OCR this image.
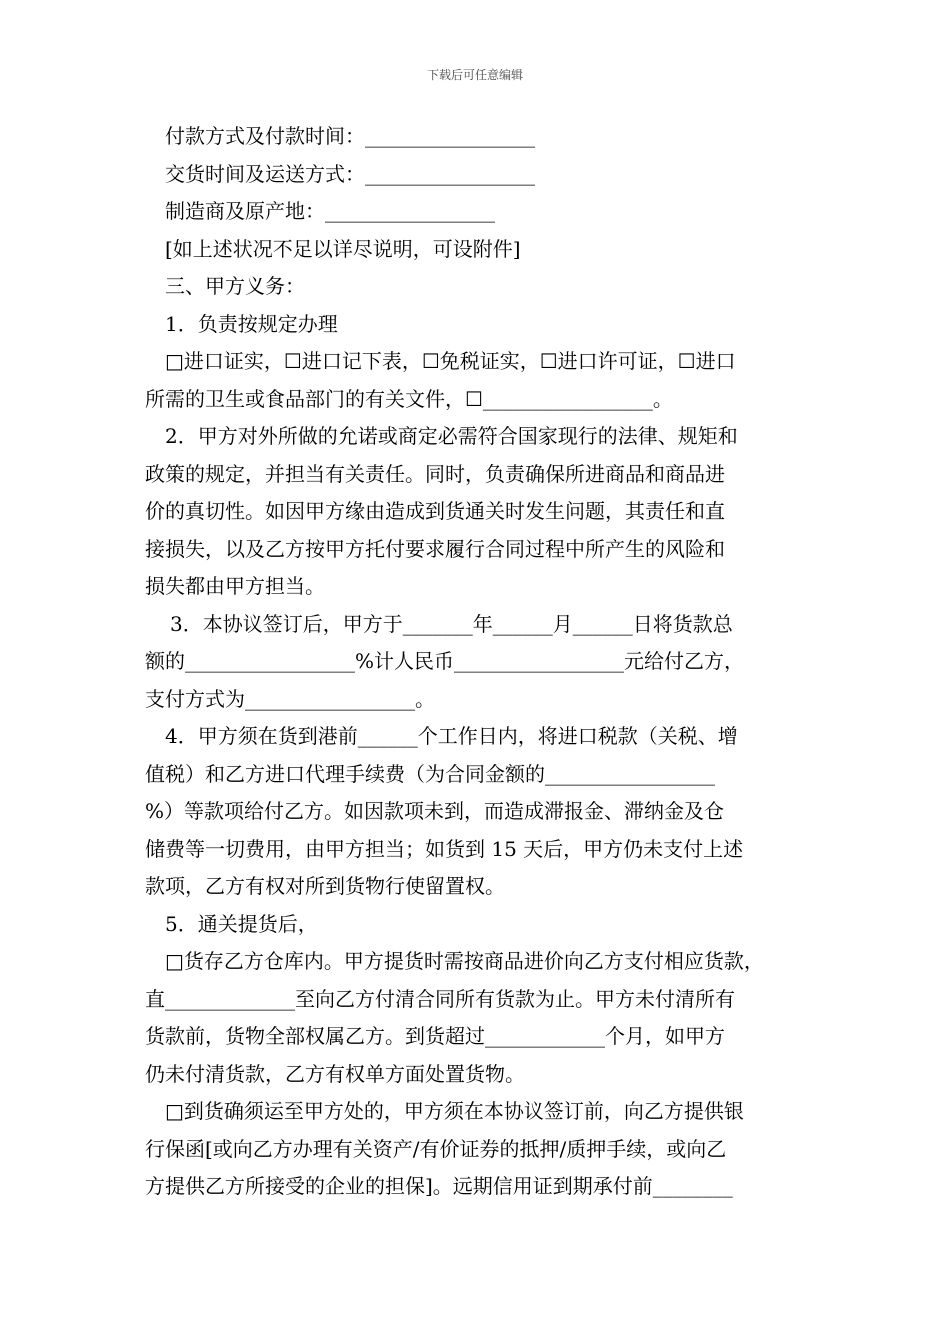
下载后可任意编辑
付款方式及付款时间：_________________
交货时间及运送方式：_________________
制造商及原产地：_________________
[如上述状况不足以详尽说明，可设附件]
三、甲方义务：
1．负责按规定办理
□进口证实，☐进口记下表，☐免税证实，☐进口许可证，☐进口
所需的卫生或食品部门的有关文件，☐_________________。
2．甲方对外所做的允诺或商定必需符合国家现行的法律、规矩和
政策的规定，并担当有关责任。同时，负责确保所进商品和商品进
价的真切性。如因甲方缘由造成到货通关时发生问题，其责任和直
接损失，以及乙方按甲方托付要求履行合同过程中所产生的风险和
损失都由甲方担当。
3．本协议签订后，甲方于_______年______月______日将货款总
额的_________________%计人民币_________________元给付乙方，
支付方式为_________________。
4．甲方须在货到港前______个工作日内，将进口税款（关税、增
值税）和乙方进口代理手续费（为合同金额的_________________
%）等款项给付乙方。如因款项未到，而造成滞报金、滞纳金及仓
储费等一切费用，由甲方担当；如货到 15 天后，甲方仍未支付上述
款项，乙方有权对所到货物行使留置权。
5．通关提货后，
□货存乙方仓库内。甲方提货时需按商品进价向乙方支付相应货款，
直_____________至向乙方付清合同所有货款为止。甲方未付清所有
货款前，货物全部权属乙方。到货超过____________个月，如甲方
仍未付清货款，乙方有权单方面处置货物。
□到货确须运至甲方处的，甲方须在本协议签订前，向乙方提供银
行保函[或向乙方办理有关资产/有价证券的抵押/质押手续，或向乙
方提供乙方所接受的企业的担保]。远期信用证到期承付前________
